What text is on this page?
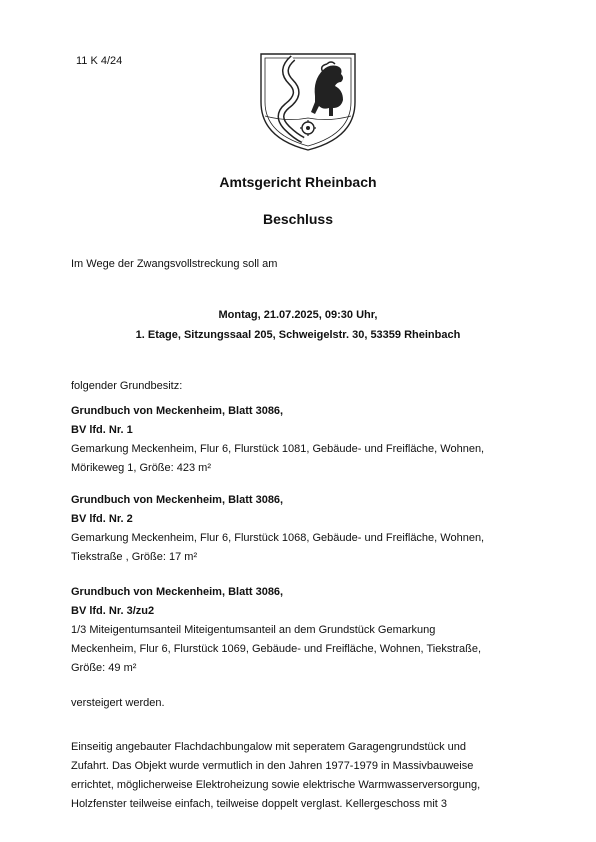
11 K 4/24
Amtsgericht Rheinbach
Beschluss
Im Wege der Zwangsvollstreckung soll am
Montag, 21.07.2025, 09:30 Uhr,
1. Etage, Sitzungssaal 205, Schweigelstr. 30, 53359 Rheinbach
folgender Grundbesitz:
Grundbuch von Meckenheim, Blatt 3086,
BV lfd. Nr. 1
Gemarkung Meckenheim, Flur 6, Flurstück 1081, Gebäude- und Freifläche, Wohnen,
Mörikeweg 1, Größe: 423 m²
Grundbuch von Meckenheim, Blatt 3086,
BV lfd. Nr. 2
Gemarkung Meckenheim, Flur 6, Flurstück 1068, Gebäude- und Freifläche, Wohnen,
Tiekstraße , Größe: 17 m²
Grundbuch von Meckenheim, Blatt 3086,
BV lfd. Nr. 3/zu2
1/3 Miteigentumsanteil Miteigentumsanteil an dem Grundstück Gemarkung
Meckenheim, Flur 6, Flurstück 1069, Gebäude- und Freifläche, Wohnen, Tiekstraße,
Größe: 49 m²
versteigert werden.
Einseitig angebauter Flachdachbungalow mit seperatem Garagengrundstück und
Zufahrt. Das Objekt wurde vermutlich in den Jahren 1977-1979 in Massivbauweise
errichtet, möglicherweise Elektroheizung sowie elektrische Warmwasserversorgung,
Holzfenster teilweise einfach, teilweise doppelt verglast. Kellergeschoss mit 3
